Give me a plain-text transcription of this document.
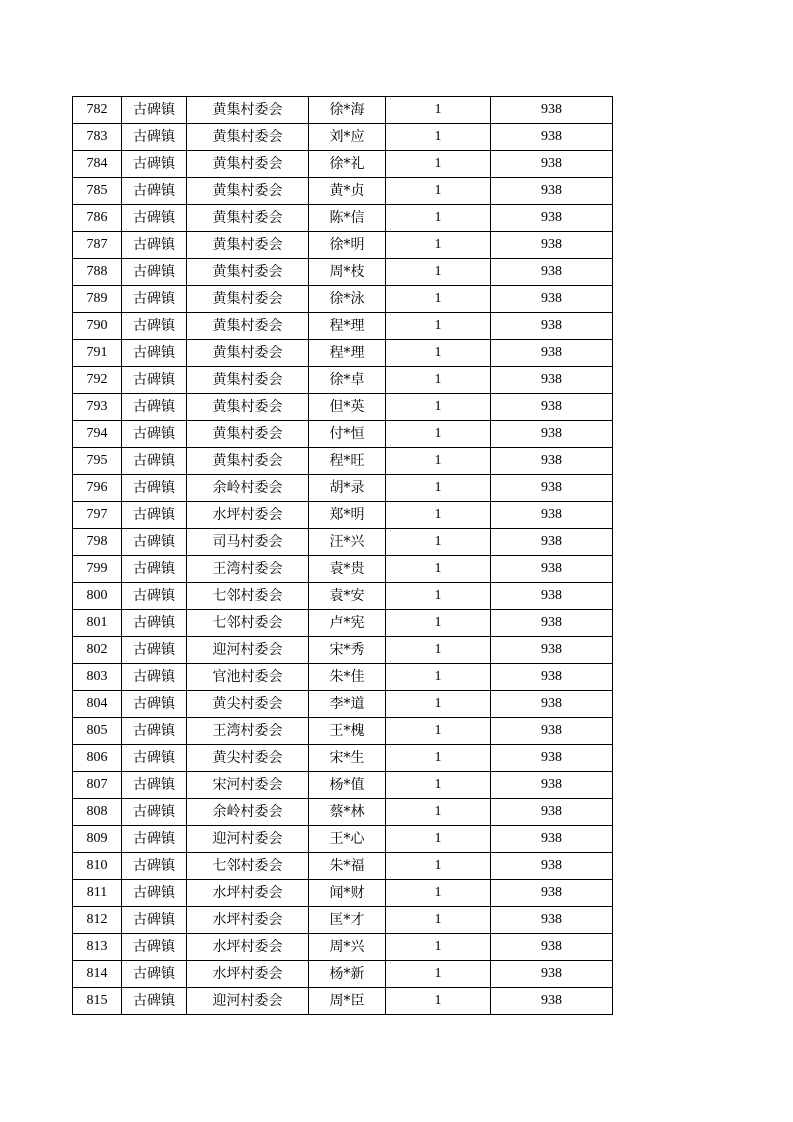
782	古碑镇	黄集村委会	徐*海	1	938
783	古碑镇	黄集村委会	刘*应	1	938
784	古碑镇	黄集村委会	徐*礼	1	938
785	古碑镇	黄集村委会	黄*贞	1	938
786	古碑镇	黄集村委会	陈*信	1	938
787	古碑镇	黄集村委会	徐*明	1	938
788	古碑镇	黄集村委会	周*枝	1	938
789	古碑镇	黄集村委会	徐*泳	1	938
790	古碑镇	黄集村委会	程*理	1	938
791	古碑镇	黄集村委会	程*理	1	938
792	古碑镇	黄集村委会	徐*卓	1	938
793	古碑镇	黄集村委会	但*英	1	938
794	古碑镇	黄集村委会	付*恒	1	938
795	古碑镇	黄集村委会	程*旺	1	938
796	古碑镇	余岭村委会	胡*录	1	938
797	古碑镇	水坪村委会	郑*明	1	938
798	古碑镇	司马村委会	汪*兴	1	938
799	古碑镇	王湾村委会	袁*贵	1	938
800	古碑镇	七邻村委会	袁*安	1	938
801	古碑镇	七邻村委会	卢*宪	1	938
802	古碑镇	迎河村委会	宋*秀	1	938
803	古碑镇	官池村委会	朱*佳	1	938
804	古碑镇	黄尖村委会	李*道	1	938
805	古碑镇	王湾村委会	王*槐	1	938
806	古碑镇	黄尖村委会	宋*生	1	938
807	古碑镇	宋河村委会	杨*值	1	938
808	古碑镇	余岭村委会	蔡*林	1	938
809	古碑镇	迎河村委会	王*心	1	938
810	古碑镇	七邻村委会	朱*福	1	938
811	古碑镇	水坪村委会	闻*财	1	938
812	古碑镇	水坪村委会	匡*才	1	938
813	古碑镇	水坪村委会	周*兴	1	938
814	古碑镇	水坪村委会	杨*新	1	938
815	古碑镇	迎河村委会	周*臣	1	938
